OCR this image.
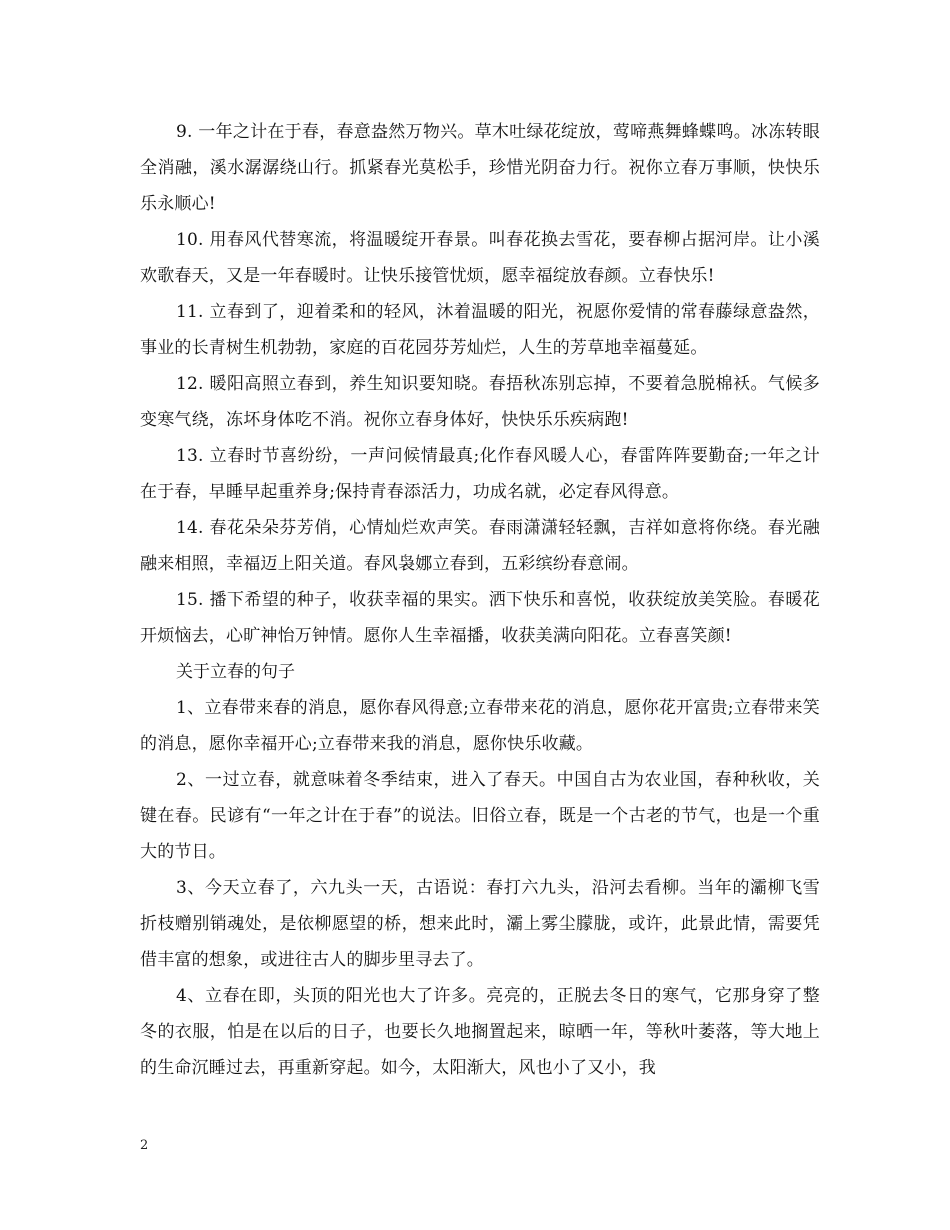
9. 一年之计在于春，春意盎然万物兴。草木吐绿花绽放，莺啼燕舞蜂蝶鸣。冰冻转眼全消融，溪水潺潺绕山行。抓紧春光莫松手，珍惜光阴奋力行。祝你立春万事顺，快快乐乐永顺心!

10. 用春风代替寒流，将温暖绽开春景。叫春花换去雪花，要春柳占据河岸。让小溪欢歌春天，又是一年春暖时。让快乐接管忧烦，愿幸福绽放春颜。立春快乐!

11. 立春到了，迎着柔和的轻风，沐着温暖的阳光，祝愿你爱情的常春藤绿意盎然，事业的长青树生机勃勃，家庭的百花园芬芳灿烂，人生的芳草地幸福蔓延。

12. 暖阳高照立春到，养生知识要知晓。春捂秋冻别忘掉，不要着急脱棉袄。气候多变寒气绕，冻坏身体吃不消。祝你立春身体好，快快乐乐疾病跑!

13. 立春时节喜纷纷，一声问候情最真;化作春风暖人心，春雷阵阵要勤奋;一年之计在于春，早睡早起重养身;保持青春添活力，功成名就，必定春风得意。

14. 春花朵朵芬芳俏，心情灿烂欢声笑。春雨潇潇轻轻飘，吉祥如意将你绕。春光融融来相照，幸福迈上阳关道。春风袅娜立春到，五彩缤纷春意闹。

15. 播下希望的种子，收获幸福的果实。洒下快乐和喜悦，收获绽放美笑脸。春暖花开烦恼去，心旷神怡万钟情。愿你人生幸福播，收获美满向阳花。立春喜笑颜!

关于立春的句子

1、立春带来春的消息，愿你春风得意;立春带来花的消息，愿你花开富贵;立春带来笑的消息，愿你幸福开心;立春带来我的消息，愿你快乐收藏。

2、一过立春，就意味着冬季结束，进入了春天。中国自古为农业国，春种秋收，关键在春。民谚有“一年之计在于春”的说法。旧俗立春，既是一个古老的节气，也是一个重大的节日。

3、今天立春了，六九头一天，古语说：春打六九头，沿河去看柳。当年的灞柳飞雪折枝赠别销魂处，是依柳愿望的桥，想来此时，灞上雾尘朦胧，或许，此景此情，需要凭借丰富的想象，或进往古人的脚步里寻去了。

4、立春在即，头顶的阳光也大了许多。亮亮的，正脱去冬日的寒气，它那身穿了整冬的衣服，怕是在以后的日子，也要长久地搁置起来，晾晒一年，等秋叶萎落，等大地上的生命沉睡过去，再重新穿起。如今，太阳渐大，风也小了又小，我

2
